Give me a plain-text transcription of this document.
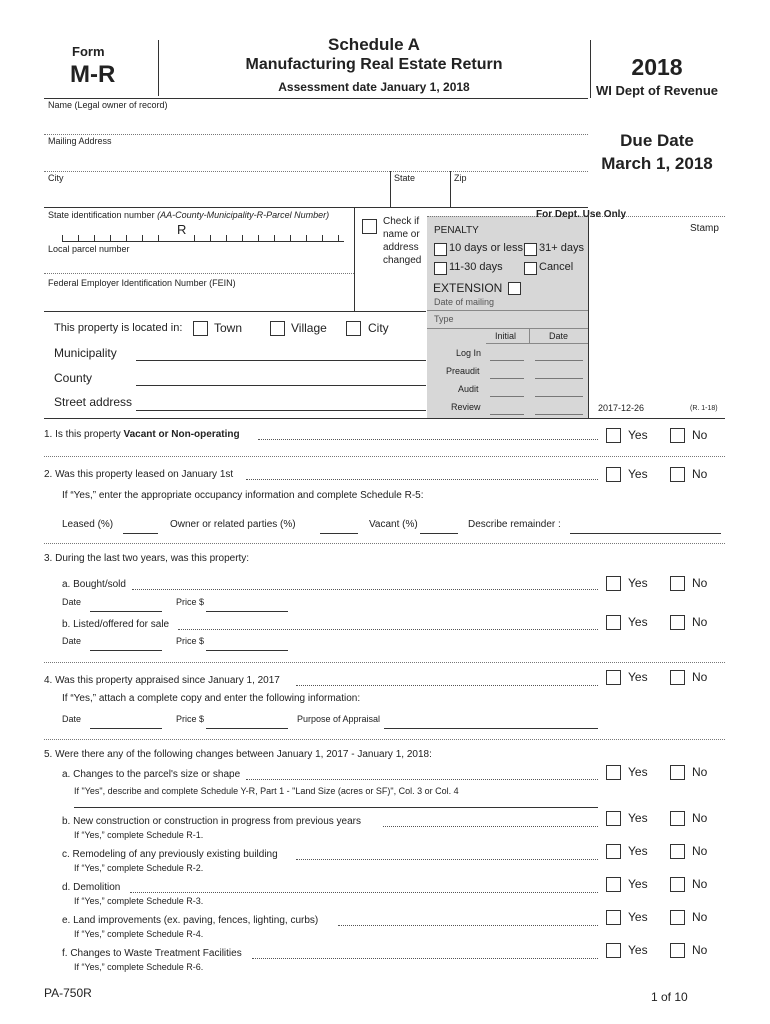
Form
M-R
Schedule A
Manufacturing Real Estate Return
Assessment date January 1, 2018
2018
WI Dept of Revenue
Name (Legal owner of record)
Mailing Address	Due Date
March 1, 2018
City	State	Zip
State identification number (AA-County-Municipality-R-Parcel Number)
R
Local parcel number
Federal Employer Identification Number (FEIN)
Check if
name or
address
changed
For Dept. Use Only
Stamp
PENALTY
10 days or less 31+ days
11-30 days	Cancel
EXTENSION
Date of mailing
Type
Initial	Date
Log In
Preaudit
Audit
Review	2017-12-26	(R. 1-18)
This property is located in:	Town	Village	City
Municipality
County
Street address
1. Is this property Vacant or Non-operating	Yes	No
2. Was this property leased on January 1st	Yes	No
If “Yes,” enter the appropriate occupancy information and complete Schedule R-5:
Leased (%)	Owner or related parties (%)	Vacant (%)	Describe remainder :
3. During the last two years, was this property:
a. Bought/sold	Yes	No
Date	Price $
b. Listed/offered for sale	Yes	No
Date	Price $
4. Was this property appraised since January 1, 2017	Yes	No
If “Yes,” attach a complete copy and enter the following information:
Date	Price $	Purpose of Appraisal
5. Were there any of the following changes between January 1, 2017 - January 1, 2018:
a. Changes to the parcel's size or shape	Yes	No
If "Yes", describe and complete Schedule Y-R, Part 1 - "Land Size (acres or SF)", Col. 3 or Col. 4
b. New construction or construction in progress from previous years	Yes	No
If “Yes,” complete Schedule R-1.
c. Remodeling of any previously existing building	Yes	No
If “Yes,” complete Schedule R-2.
d. Demolition	Yes	No
If “Yes,” complete Schedule R-3.
e. Land improvements (ex. paving, fences, lighting, curbs)	Yes	No
If “Yes,” complete Schedule R-4.
f. Changes to Waste Treatment Facilities	Yes	No
If “Yes,” complete Schedule R-6.
PA-750R	1 of 10
